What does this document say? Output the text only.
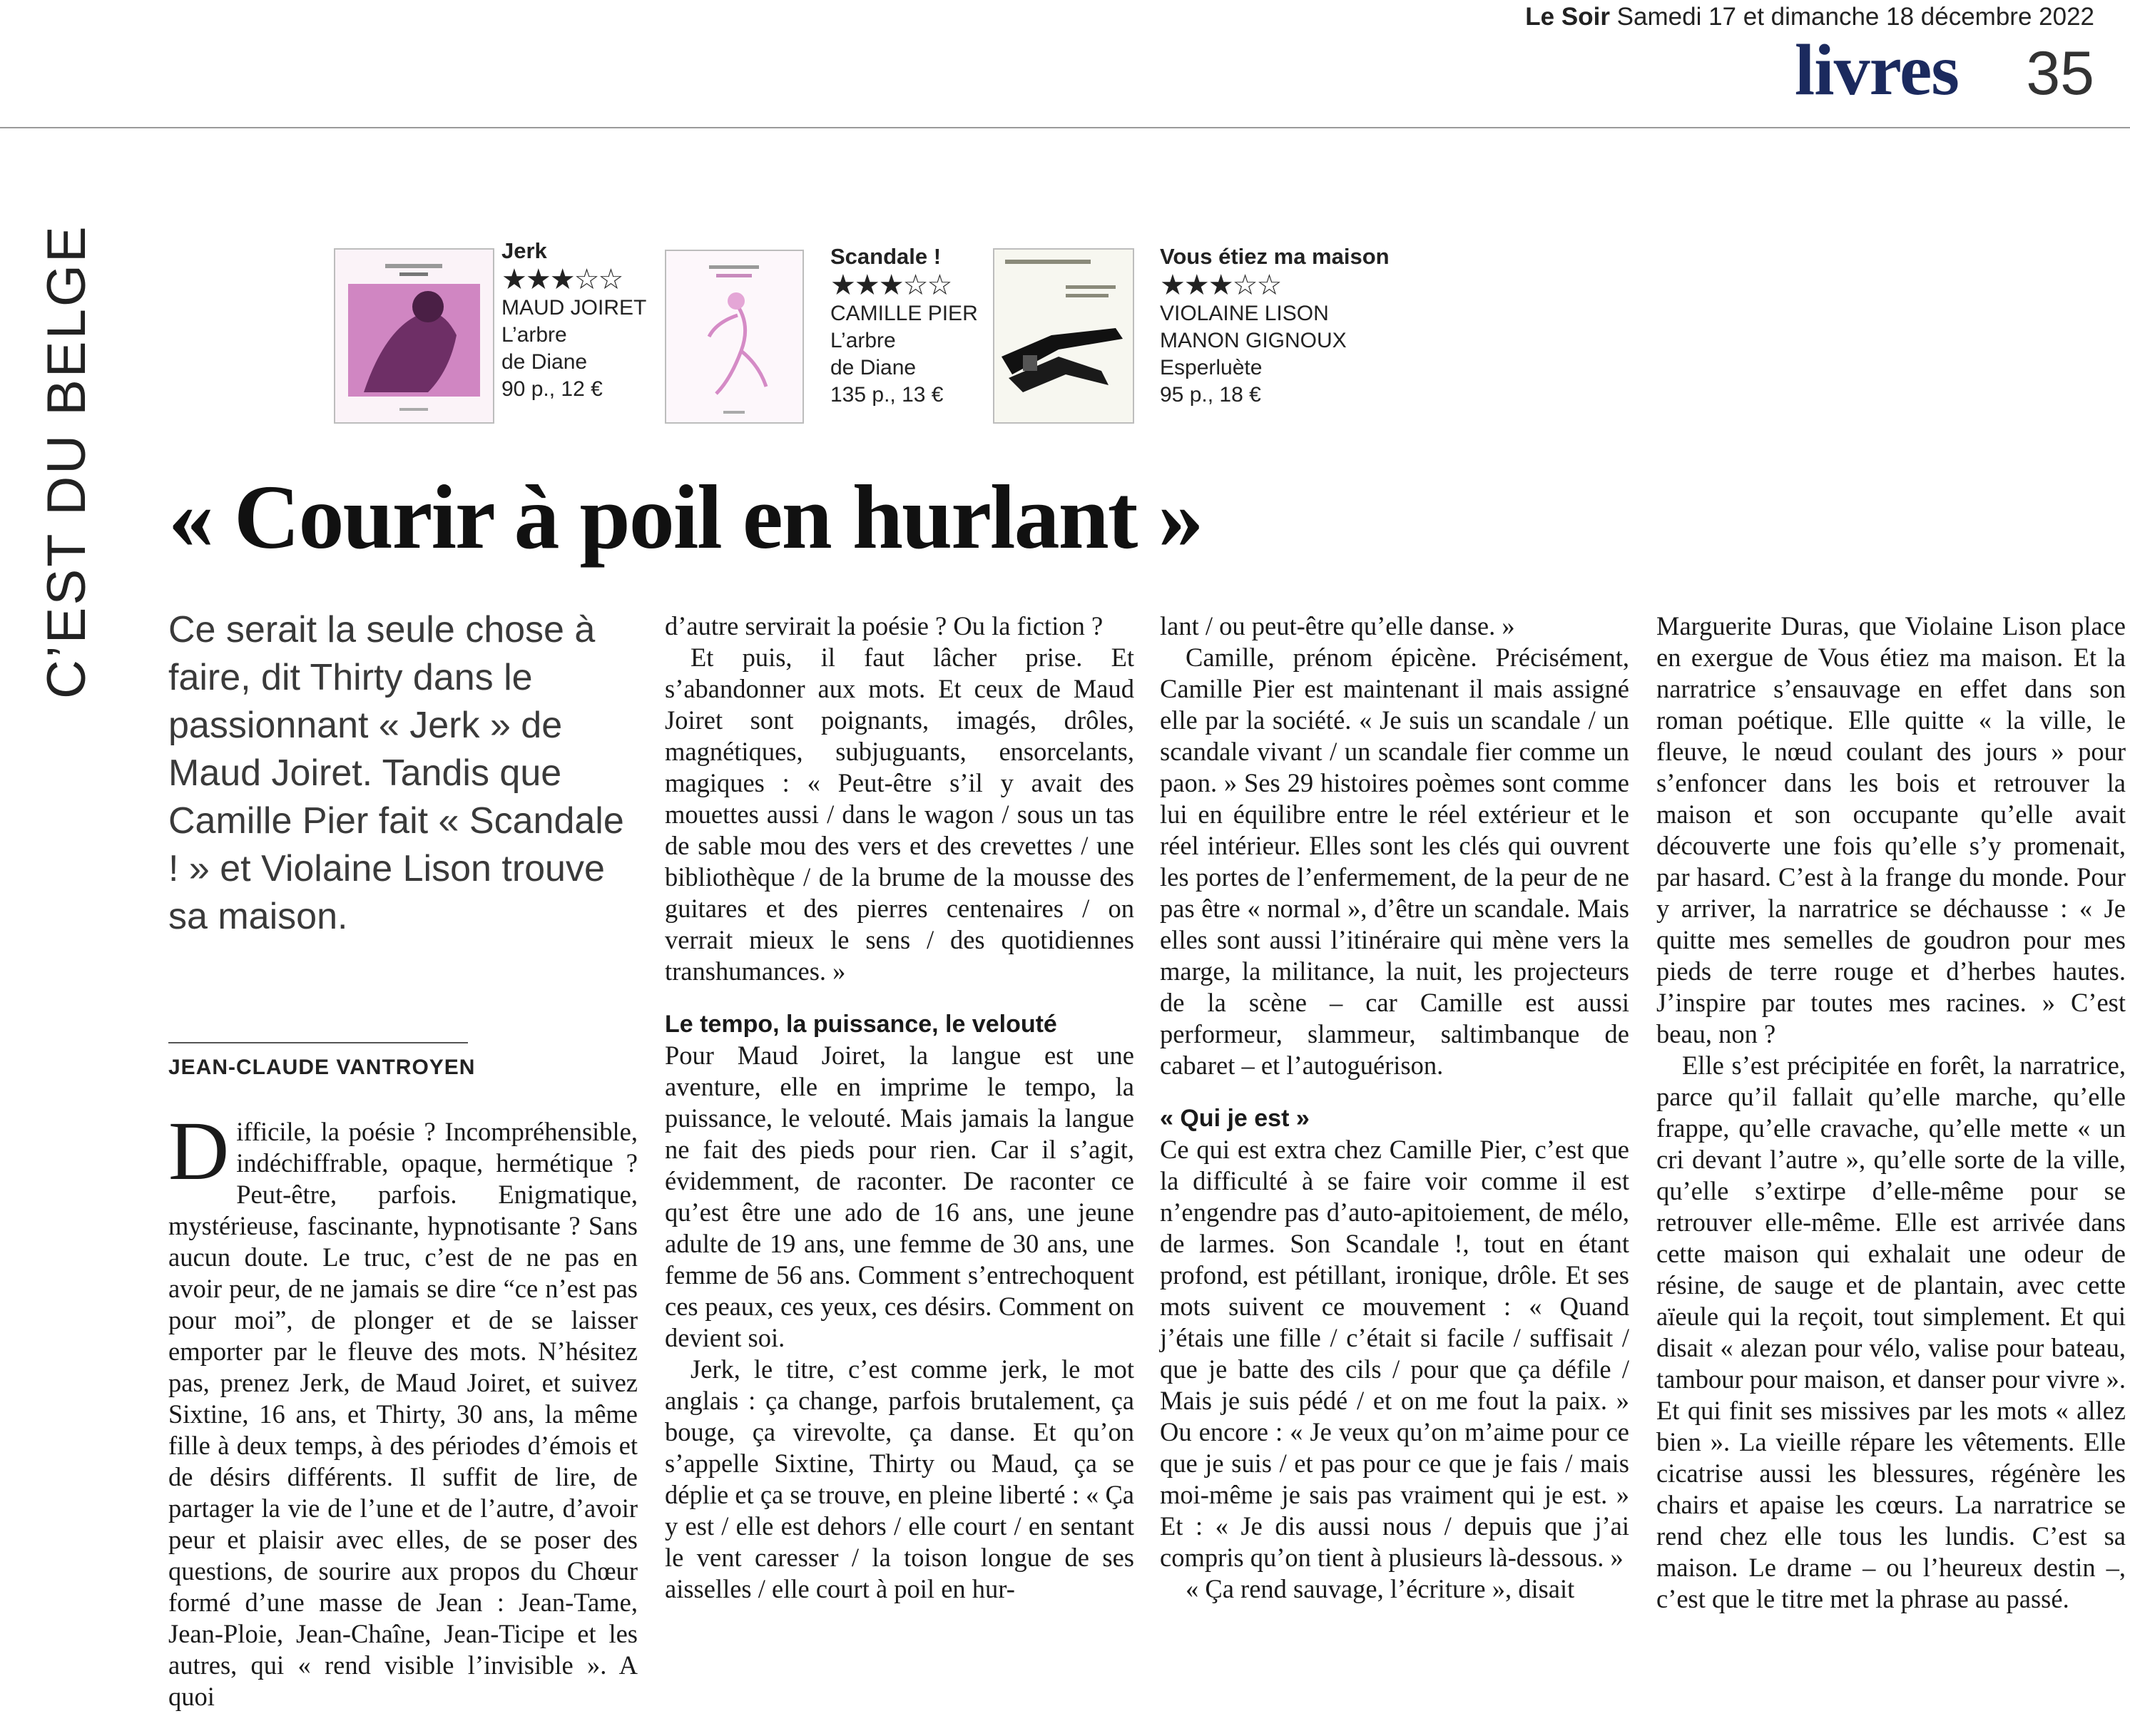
Le Soir Samedi 17 et dimanche 18 décembre 2022
livres 35
C’EST DU BELGE	Jerk
★★★☆☆
MAUD JOIRET
L’arbre
de Diane
90 p., 12 €
Scandale !
★★★☆☆
CAMILLE PIER
L’arbre
de Diane
135 p., 13 €
Vous étiez ma maison
★★★☆☆
VIOLAINE LISON
MANON GIGNOUX
Esperluète
95 p., 18 €
« Courir à poil en hurlant »
Ce serait la seule chose à faire, dit Thirty dans le passionnant « Jerk » de Maud Joiret. Tandis que Camille Pier fait « Scandale ! » et Violaine Lison trouve sa maison.
JEAN-CLAUDE VANTROYEN

Difficile, la poésie ? Incompréhensible, indéchiffrable, opaque, hermétique ? Peut-être, parfois. Enigmatique, mystérieuse, fascinante, hypnotisante ? Sans aucun doute. Le truc, c’est de ne pas en avoir peur, de ne jamais se dire “ce n’est pas pour moi”, de plonger et de se laisser emporter par le fleuve des mots. N’hésitez pas, prenez Jerk, de Maud Joiret, et suivez Sixtine, 16 ans, et Thirty, 30 ans, la même fille à deux temps, à des périodes d’émois et de désirs différents. Il suffit de lire, de partager la vie de l’une et de l’autre, d’avoir peur et plaisir avec elles, de se poser des questions, de sourire aux propos du Chœur formé d’une masse de Jean : Jean-Tame, Jean-Ploie, Jean-Chaîne, Jean-Ticipe et les autres, qui « rend visible l’invisible ». A quoi

d’autre servirait la poésie ? Ou la fiction ?

Et puis, il faut lâcher prise. Et s’abandonner aux mots. Et ceux de Maud Joiret sont poignants, imagés, drôles, magnétiques, subjuguants, ensorcelants, magiques : « Peut-être s’il y avait des mouettes aussi / dans le wagon / sous un tas de sable mou des vers et des crevettes / une bibliothèque / de la brume de la mousse des guitares et des pierres centenaires / on verrait mieux le sens / des quotidiennes transhumances. »

Le tempo, la puissance, le velouté

Pour Maud Joiret, la langue est une aventure, elle en imprime le tempo, la puissance, le velouté. Mais jamais la langue ne fait des pieds pour rien. Car il s’agit, évidemment, de raconter. De raconter ce qu’est être une ado de 16 ans, une jeune adulte de 19 ans, une femme de 30 ans, une femme de 56 ans. Comment s’entrechoquent ces peaux, ces yeux, ces désirs. Comment on devient soi.

Jerk, le titre, c’est comme jerk, le mot anglais : ça change, parfois brutalement, ça bouge, ça virevolte, ça danse. Et qu’on s’appelle Sixtine, Thirty ou Maud, ça se déplie et ça se trouve, en pleine liberté : « Ça y est / elle est dehors / elle court / en sentant le vent caresser / la toison longue de ses aisselles / elle court à poil en hur-

lant / ou peut-être qu’elle danse. »

Camille, prénom épicène. Précisément, Camille Pier est maintenant il mais assigné elle par la société. « Je suis un scandale / un scandale vivant / un scandale fier comme un paon. » Ses 29 histoires poèmes sont comme lui en équilibre entre le réel extérieur et le réel intérieur. Elles sont les clés qui ouvrent les portes de l’enfermement, de la peur de ne pas être « normal », d’être un scandale. Mais elles sont aussi l’itinéraire qui mène vers la marge, la militance, la nuit, les projecteurs de la scène – car Camille est aussi performeur, slammeur, saltimbanque de cabaret – et l’autoguérison.

« Qui je est »

Ce qui est extra chez Camille Pier, c’est que la difficulté à se faire voir comme il est n’engendre pas d’auto-apitoiement, de mélo, de larmes. Son Scandale !, tout en étant profond, est pétillant, ironique, drôle. Et ses mots suivent ce mouvement : « Quand j’étais une fille / c’était si facile / suffisait / que je batte des cils / pour que ça défile / Mais je suis pédé / et on me fout la paix. » Ou encore : « Je veux qu’on m’aime pour ce que je suis / et pas pour ce que je fais / mais moi-même je sais pas vraiment qui je est. » Et : « Je dis aussi nous / depuis que j’ai compris qu’on tient à plusieurs là-dessous. »

« Ça rend sauvage, l’écriture », disait

Marguerite Duras, que Violaine Lison place en exergue de Vous étiez ma maison. Et la narratrice s’ensauvage en effet dans son roman poétique. Elle quitte « la ville, le fleuve, le nœud coulant des jours » pour s’enfoncer dans les bois et retrouver la maison et son occupante qu’elle avait découverte une fois qu’elle s’y promenait, par hasard. C’est à la frange du monde. Pour y arriver, la narratrice se déchausse : « Je quitte mes semelles de goudron pour mes pieds de terre rouge et d’herbes hautes. J’inspire par toutes mes racines. » C’est beau, non ?

Elle s’est précipitée en forêt, la narratrice, parce qu’il fallait qu’elle marche, qu’elle frappe, qu’elle cravache, qu’elle mette « un cri devant l’autre », qu’elle sorte de la ville, qu’elle s’extirpe d’elle-même pour se retrouver elle-même. Elle est arrivée dans cette maison qui exhalait une odeur de résine, de sauge et de plantain, avec cette aïeule qui la reçoit, tout simplement. Et qui disait « alezan pour vélo, valise pour bateau, tambour pour maison, et danser pour vivre ». Et qui finit ses missives par les mots « allez bien ». La vieille répare les vêtements. Elle cicatrise aussi les blessures, régénère les chairs et apaise les cœurs. La narratrice se rend chez elle tous les lundis. C’est sa maison. Le drame – ou l’heureux destin –, c’est que le titre met la phrase au passé.
